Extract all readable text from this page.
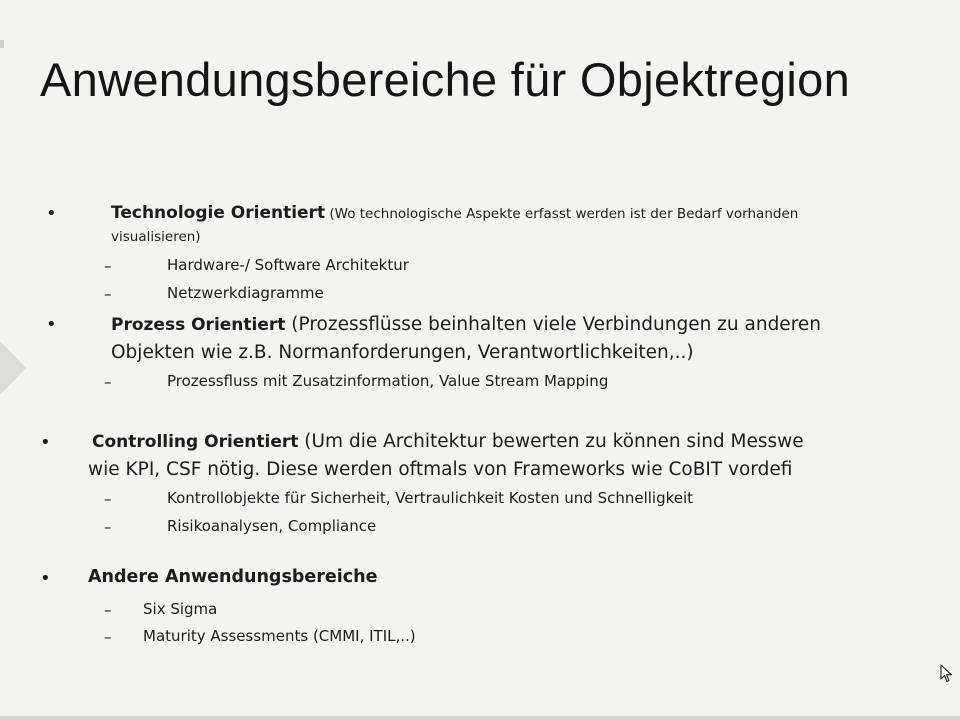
Anwendungsbereiche für Objektregion
•	Technologie Orientiert (Wo technologische Aspekte erfasst werden ist der Bedarf vorhanden
visualisieren)
–	Hardware-/ Software Architektur
–	Netzwerkdiagramme
•	Prozess Orientiert (Prozessflüsse beinhalten viele Verbindungen zu anderen
Objekten wie z.B. Normanforderungen, Verantwortlichkeiten,..)
–	Prozessfluss mit Zusatzinformation, Value Stream Mapping
• Controlling Orientiert (Um die Architektur bewerten zu können sind Messwe
wie KPI, CSF nötig. Diese werden oftmals von Frameworks wie CoBIT vordefi
–	Kontrollobjekte für Sicherheit, Vertraulichkeit Kosten und Schnelligkeit
–	Risikoanalysen, Compliance
• Andere Anwendungsbereiche
– Six Sigma
– Maturity Assessments (CMMI, ITIL,..)
